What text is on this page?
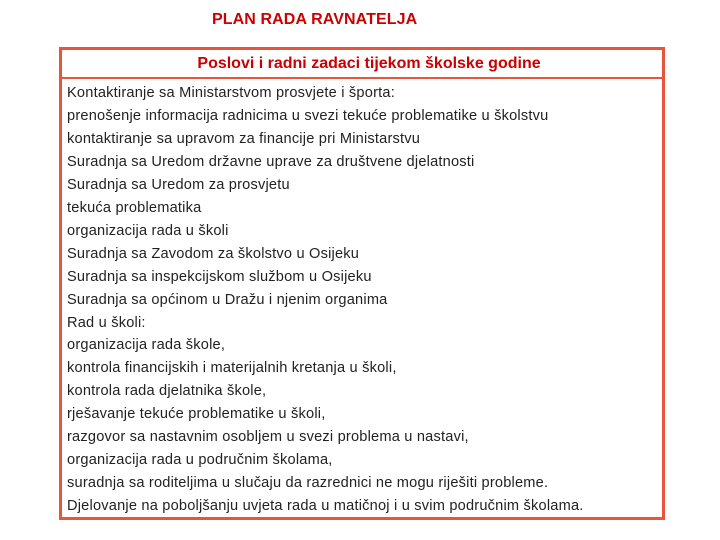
PLAN RADA RAVNATELJA
Poslovi i radni zadaci tijekom školske godine
Kontaktiranje sa Ministarstvom prosvjete i športa:
prenošenje informacija radnicima u svezi tekuće problematike u školstvu
kontaktiranje sa upravom za financije pri Ministarstvu
Suradnja sa Uredom državne uprave za društvene djelatnosti
Suradnja sa Uredom za prosvjetu
tekuća problematika
organizacija rada u školi
Suradnja sa Zavodom za školstvo u Osijeku
Suradnja sa inspekcijskom službom u Osijeku
Suradnja sa općinom u Dražu i njenim organima
Rad u školi:
organizacija rada škole,
kontrola financijskih i materijalnih kretanja u školi,
kontrola rada djelatnika škole,
rješavanje tekuće problematike u školi,
razgovor sa nastavnim osobljem u svezi problema u nastavi,
organizacija rada u područnim školama,
suradnja sa roditeljima u slučaju da razrednici ne mogu riješiti probleme.
Djelovanje na poboljšanju uvjeta rada u matičnoj i u svim područnim školama.
